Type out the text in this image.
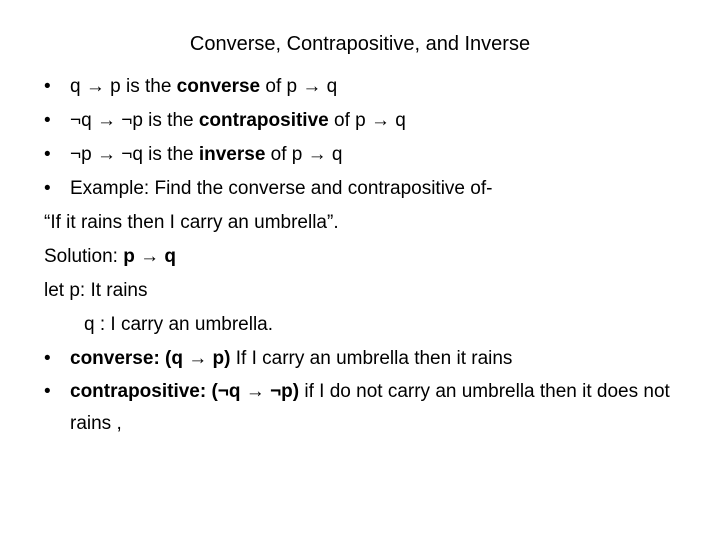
Converse, Contrapositive, and Inverse
• q → p is the converse of p → q
• ¬q → ¬p is the contrapositive of p → q
• ¬p → ¬q is the inverse of p → q
• Example: Find the converse and contrapositive of-
“If it rains then I carry an umbrella”.
Solution: p → q
let p: It rains
q : I carry an umbrella.
• converse: (q → p) If I carry an umbrella then it rains
• contrapositive: (¬q → ¬p) if I do not carry an umbrella then it does not rains ,
